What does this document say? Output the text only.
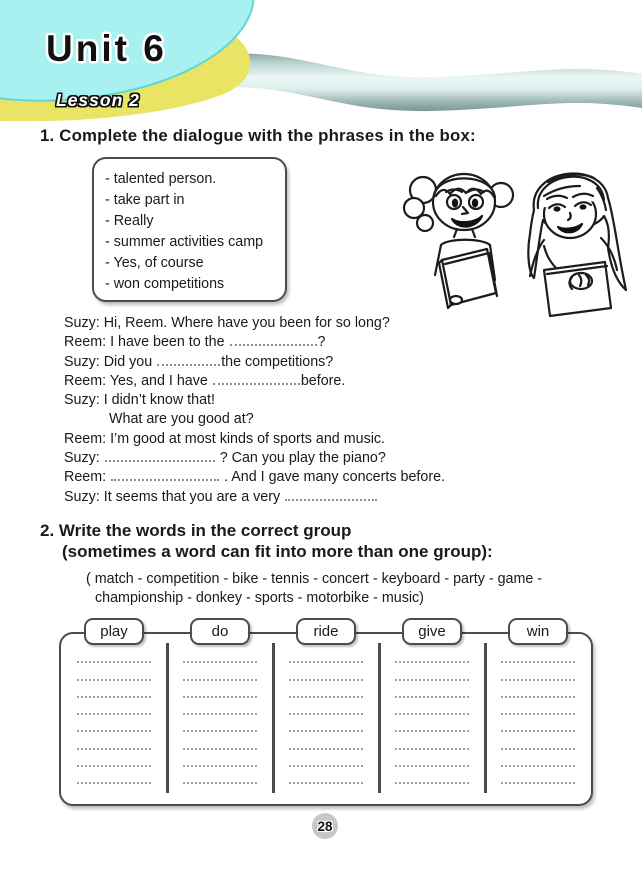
Unit 6
Lesson 2
1. Complete the dialogue with the phrases in the box:
- talented person.
- take part in
- Really
- summer activities camp
- Yes, of course
- won competitions
Suzy: Hi, Reem. Where have you been for so long?
Reem: I have been to the	?
Suzy: Did you	the competitions?
Reem: Yes, and I have	before.
Suzy: I didn’t know that!
What are you good at?
Reem: I’m good at most kinds of sports and music.
Suzy:	? Can you play the piano?
Reem:	. And I gave many concerts before.
Suzy: It seems that you are a very
2. Write the words in the correct group
(sometimes a word can fit into more than one group):
( match - competition - bike - tennis - concert - keyboard - party - game -
championship - donkey - sports - motorbike - music)
play	do	ride	give	win
28
